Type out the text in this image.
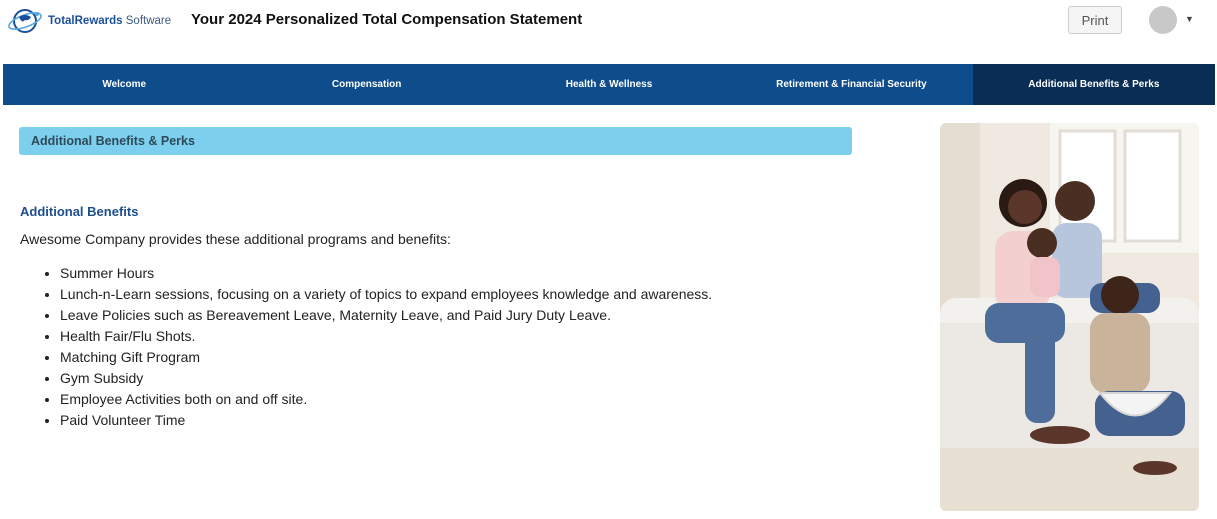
TotalRewards Software Your 2024 Personalized Total Compensation Statement	Print	▼
Welcome	Compensation	Health & Wellness	Retirement & Financial Security	Additional Benefits & Perks
Additional Benefits & Perks
Additional Benefits

Awesome Company provides these additional programs and benefits:

• Summer Hours
• Lunch-n-Learn sessions, focusing on a variety of topics to expand employees knowledge and awareness.
• Leave Policies such as Bereavement Leave, Maternity Leave, and Paid Jury Duty Leave.
• Health Fair/Flu Shots.
• Matching Gift Program
• Gym Subsidy
• Employee Activities both on and off site.
• Paid Volunteer Time
